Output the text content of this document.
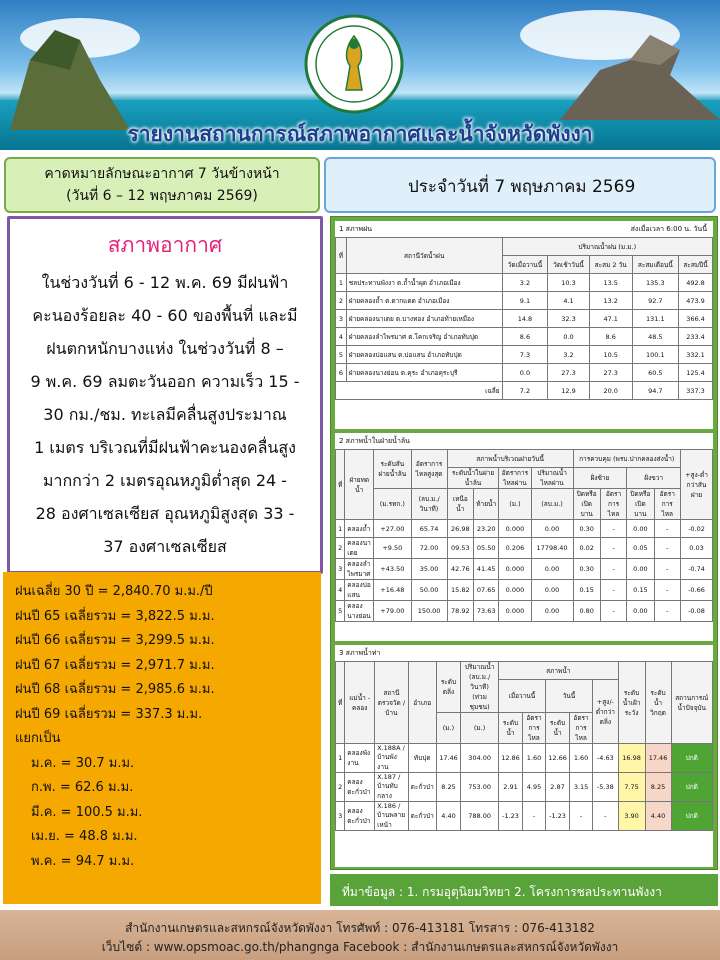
รายงานสถานการณ์สภาพอากาศและน้ำจังหวัดพังงา
คาดหมายลักษณะอากาศ 7 วันข้างหน้า
(วันที่ 6 – 12 พฤษภาคม 2569)	ประจำวันที่ 7 พฤษภาคม 2569
สภาพอากาศ

ในช่วงวันที่ 6 - 12 พ.ค. 69 มีฝนฟ้า
คะนองร้อยละ 40 - 60 ของพื้นที่ และมี
ฝนตกหนักบางแห่ง ในช่วงวันที่ 8 –
9 พ.ค. 69 ลมตะวันออก ความเร็ว 15 -
30 กม./ชม. ทะเลมีคลื่นสูงประมาณ
1 เมตร บริเวณที่มีฝนฟ้าคะนองคลื่นสูง
มากกว่า 2 เมตรอุณหภูมิต่ำสุด 24 -
28 องศาเซลเซียส อุณหภูมิสูงสุด 33 -
37 องศาเซลเซียส

ฝนเฉลี่ย 30 ปี = 2,840.70 ม.ม./ปี
ฝนปี 65 เฉลี่ยรวม = 3,822.5 ม.ม.
ฝนปี 66 เฉลี่ยรวม = 3,299.5 ม.ม.
ฝนปี 67 เฉลี่ยรวม = 2,971.7 ม.ม.
ฝนปี 68 เฉลี่ยรวม = 2,985.6 ม.ม.
ฝนปี 69 เฉลี่ยรวม = 337.3 ม.ม.
แยกเป็น
ม.ค. = 30.7 ม.ม.
ก.พ. = 62.6 ม.ม.
มี.ค. = 100.5 ม.ม.
เม.ย. = 48.8 ม.ม.
พ.ค. = 94.7 ม.ม.
1 สภาพฝน	ส่งเมื่อเวลา 6:00 น. วันนี้
ที่	สถานีวัดน้ำฝน	ปริมาณน้ำฝน (ม.ม.)				
		วัดเมื่อวานนี้	วัดเช้าวันนี้	สะสม 2 วัน	สะสมเดือนนี้	สะสมปีนี้
1	ชลประทานพังงา ต.ถ้ำน้ำผุด อำเภอเมือง	3.2	10.3	13.5	135.3	492.8
2	ฝ่ายคลองถ้ำ ต.ตากแดด อำเภอเมือง	9.1	4.1	13.2	92.7	473.9
3	ฝ่ายคลองนาเตย ต.บางทอง อำเภอท้ายเหมือง	14.8	32.3	47.1	131.1	366.4
4	ฝ่ายคลองลำไพรมาศ ต.โคกเจริญ อำเภอทับปุด	8.6	0.0	8.6	48.5	233.4
5	ฝ่ายคลองบ่อแสน ต.บ่อแสน อำเภอทับปุด	7.3	3.2	10.5	100.1	332.1
6	ฝ่ายคลองนางย่อน ต.คุระ อำเภอคุระบุรี	0.0	27.3	27.3	60.5	125.4
เฉลี่ย		7.2	12.9	20.0	94.7	337.3
2 สภาพน้ำในฝ่ายน้ำล้น
ที่	ฝ่ายทดน้ำ	ระดับสันฝายน้ำล้น	อัตราการไหลสูงสุด	สภาพน้ำบริเวณฝายวันนี้				การควบคุม (พรบ.ปากคลองส่งน้ำ)				+สูง-ต่ำกว่าสันฝาย
				ระดับน้ำในฝายน้ำล้น		อัตราการไหลผ่าน	ปริมาณน้ำไหลผ่าน	ฝั่งซ้าย		ฝั่งขวา		
		(ม.รทก.)	(ลบ.ม./วินาที)	เหนือน้ำ	ท้ายน้ำ	(ม.)	(ลบ.ม.)	ปิดหรือเปิดบาน	อัตราการไหล	ปิดหรือเปิดบาน	อัตราการไหล	
1	คลองถ้ำ	+27.00	65.74	26.98	23.20	0.000	0.00	0.30	-	0.00	-	-0.02
2	คลองนาเตย	+9.50	72.00	09.53	05.50	0.206	17798.40	0.02	-	0.05	-	0.03
3	คลองลำไพรมาศ	+43.50	35.00	42.76	41.45	0.000	0.00	0.30	-	0.00	-	-0.74
4	คลองบ่อแสน	+16.48	50.00	15.82	07.65	0.000	0.00	0.15	-	0.15	-	-0.66
5	คลองนางย่อน	+79.00	150.00	78.92	73.63	0.000	0.00	0.80	-	0.00	-	-0.08
3 สภาพน้ำท่า
ที่	แม่น้ำ - คลอง	สถานีตรวจวัด / บ้าน	อำเภอ	ระดับตลิ่ง	ปริมาณน้ำ (ลบ.ม./วินาที) (ท่วมชุมชน)	สภาพน้ำ					ระดับน้ำเฝ้าระวัง	ระดับน้ำวิกฤต	สถานการณ์น้ำปัจจุบัน
						เมื่อวานนี้		วันนี้		+สูง/-ต่ำกว่าตลิ่ง			
				(ม.)	(ม.)	ระดับน้ำ	อัตราการไหล	ระดับน้ำ	อัตราการไหล				
1	คลองพังงาน	X.188A / บ้านพังงาน	ทับปุด	17.46	304.00	12.86	1.60	12.66	1.60	-4.63	16.98	17.46	ปกติ
2	คลองตะกั่วป่า	X.187 / บ้านทับกลาง	ตะกั่วป่า	8.25	753.00	2.91	4.95	2.87	3.15	-5.38	7.75	8.25	ปกติ
3	คลองตะกั่วป่า	X.186 / บ้านพลายเหน้า	ตะกั่วป่า	4.40	788.00	-1.23	-	-1.23	-	-	3.90	4.40	ปกติ
ที่มาข้อมูล : 1. กรมอุตุนิยมวิทยา 2. โครงการชลประทานพังงา
สำนักงานเกษตรและสหกรณ์จังหวัดพังงา โทรศัพท์ : 076-413181 โทรสาร : 076-413182
เว็บไซต์ : www.opsmoac.go.th/phangnga Facebook : สำนักงานเกษตรและสหกรณ์จังหวัดพังงา
